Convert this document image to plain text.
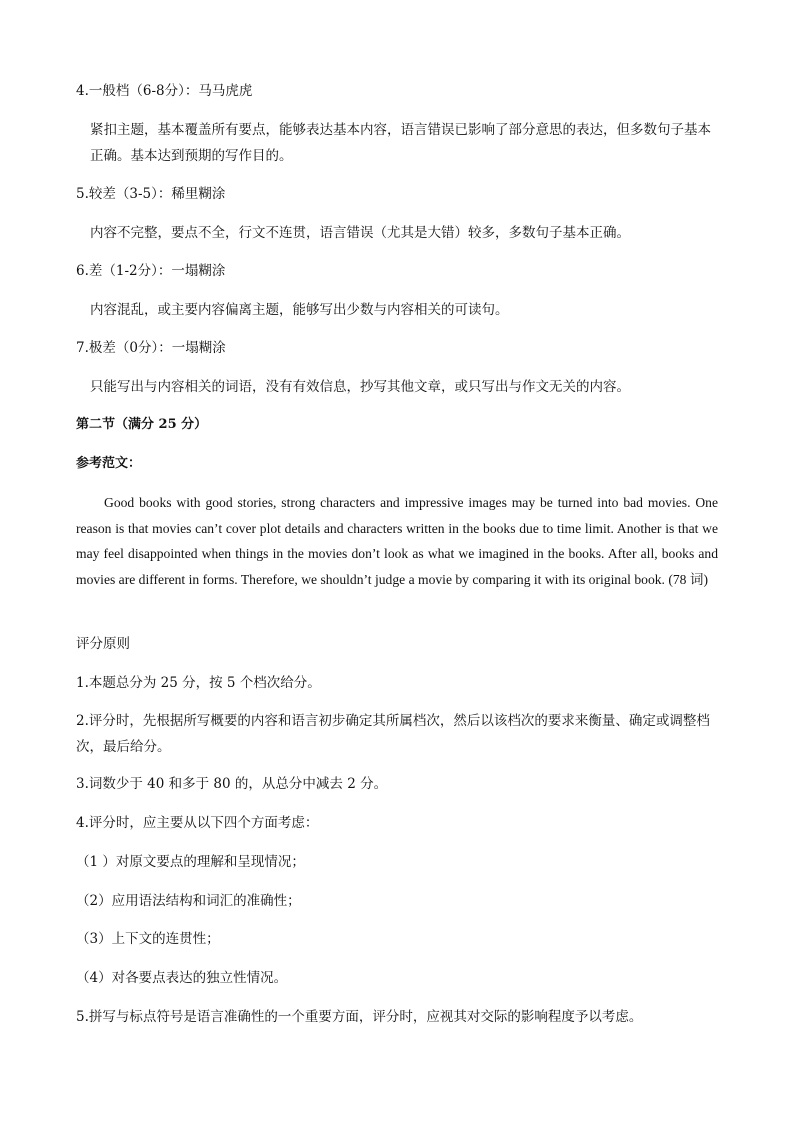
4.一般档（6-8分）：马马虎虎
紧扣主题，基本覆盖所有要点，能够表达基本内容，语言错误已影响了部分意思的表达，但多数句子基本正确。基本达到预期的写作目的。
5.较差（3-5）：稀里糊涂
内容不完整，要点不全，行文不连贯，语言错误（尤其是大错）较多，多数句子基本正确。
6.差（1-2分）：一塌糊涂
内容混乱，或主要内容偏离主题，能够写出少数与内容相关的可读句。
7.极差（0分）：一塌糊涂
只能写出与内容相关的词语，没有有效信息，抄写其他文章，或只写出与作文无关的内容。
第二节（满分 25 分）
参考范文：
Good books with good stories, strong characters and impressive images may be turned into bad movies. One reason is that movies can’t cover plot details and characters written in the books due to time limit. Another is that we may feel disappointed when things in the movies don’t look as what we imagined in the books. After all, books and movies are different in forms. Therefore, we shouldn’t judge a movie by comparing it with its original book. (78 词)
评分原则
1.本题总分为 25 分，按 5 个档次给分。
2.评分时，先根据所写概要的内容和语言初步确定其所属档次，然后以该档次的要求来衡量、确定或调整档次，最后给分。
3.词数少于 40 和多于 80 的，从总分中减去 2 分。
4.评分时，应主要从以下四个方面考虑：
（1 ）对原文要点的理解和呈现情况；
（2）应用语法结构和词汇的准确性；
（3）上下文的连贯性；
（4）对各要点表达的独立性情况。
5.拼写与标点符号是语言准确性的一个重要方面，评分时，应视其对交际的影响程度予以考虑。
